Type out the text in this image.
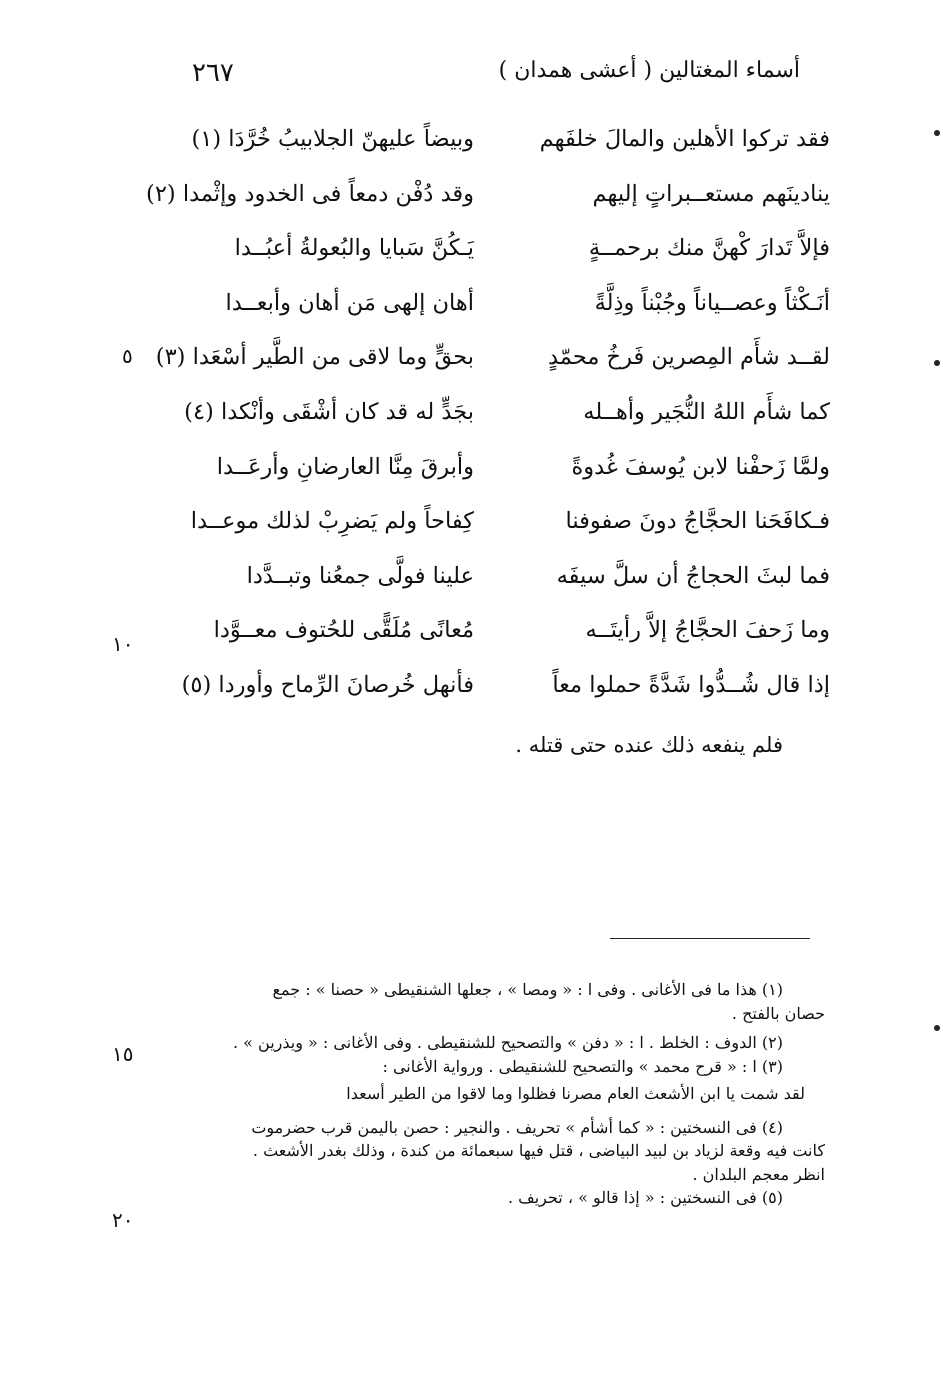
٢٦٧	أسماء المغتالين ( أعشى همدان )
فقد تركوا الأهلين والمالَ خلفَهم
وبيضاً عليهنّ الجلابيبُ خُرَّدَا (١)
ينادينَهم مستعــبراتٍ إليهم
وقد دُفْن دمعاً فى الخدود وإثْمدا (٢)
فإلاَّ تَدارَ كْهنَّ منك برحمــةٍ
يَـكُنَّ سَبايا والبُعولةُ أعبُــدا
أنَـكْثاً وعصــياناً وجُبْناً وذِلَّةً
أهان إلهى مَن أهان وأبعــدا
لقــد شأَم المِصرين فَرخُ محمّدٍ
بحقٍّ وما لاقى من الطَّير أسْعَدا (٣)
كما شأَم اللهُ النُّجَير وأهــله
بجَدٍّ له قد كان أشْقَى وأنْكدا (٤)
ولمَّا زَحفْنا لابن يُوسفَ غُدوةً
وأبرقَ مِنَّا العارضانِ وأرعَــدا
فـكافَحَنا الحجَّاجُ دونَ صفوفنا
كِفاحاً ولم يَضرِبْ لذلك موعــدا
فما لبثَ الحجاجُ أن سلَّ سيفَه
علينا فولَّى جمعُنا وتبــدَّدا
وما زَحفَ الحجَّاجُ إلاَّ رأيتَــه
مُعانًى مُلَقًّى للحُتوف معــوَّدا
إذا قال شُــدُّوا شَدَّةً حملوا معاً
فأنهل خُرصانَ الرِّماح وأوردا (٥)
٥
١٠
١٥
٢٠
فلم ينفعه ذلك عنده حتى قتله .

(١) هذا ما فى الأغانى . وفى ا : « ومصا » ، جعلها الشنقيطى « حصنا » : جمع

حصان بالفتح .

(٢) الدوف : الخلط . ا : « دفن » والتصحيح للشنقيطى . وفى الأغانى : « ويذرين » .

(٣) ا : « قرح محمد » والتصحيح للشنقيطى . ورواية الأغانى :

لقد شمت يا ابن الأشعث العام مصرنا فظلوا وما لاقوا من الطير أسعدا

(٤) فى النسختين : « كما أشأم » تحريف . والنجير : حصن باليمن قرب حضرموت

كانت فيه وقعة لزياد بن لبيد البياضى ، قتل فيها سبعمائة من كندة ، وذلك بغدر الأشعث .

انظر معجم البلدان .

(٥) فى النسختين : « إذا قالو » ، تحريف .
